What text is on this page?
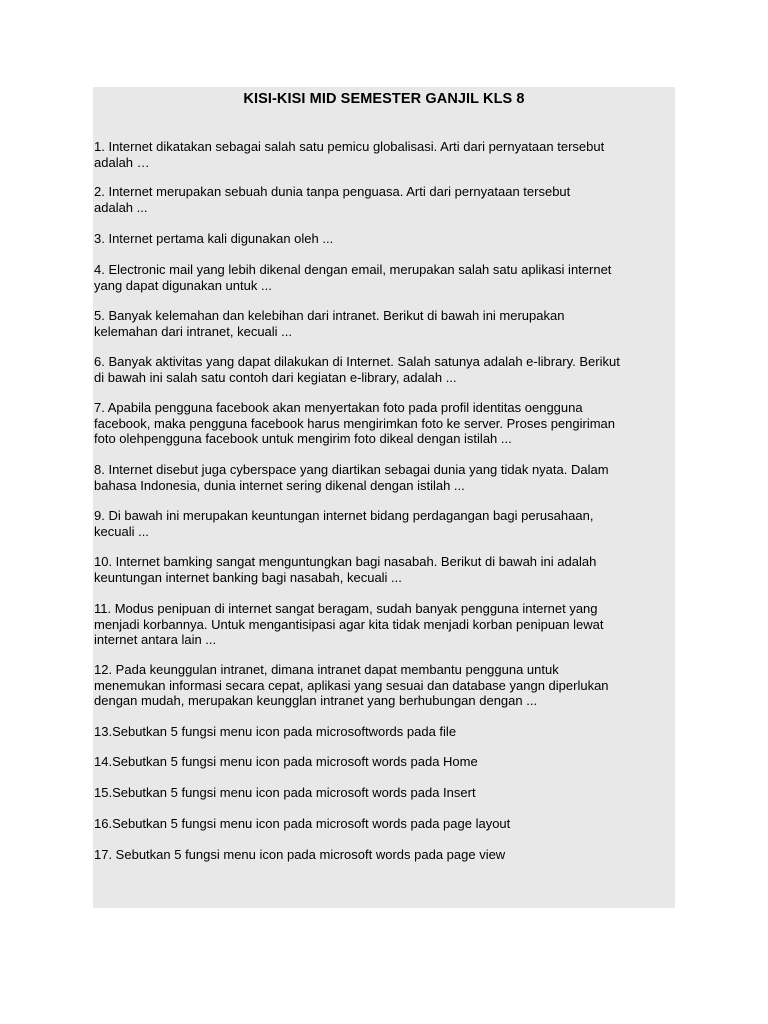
KISI-KISI MID SEMESTER GANJIL KLS 8

1. Internet dikatakan sebagai salah satu pemicu globalisasi. Arti dari pernyataan tersebut
adalah …

2. Internet merupakan sebuah dunia tanpa penguasa. Arti dari pernyataan tersebut
adalah ...

3. Internet pertama kali digunakan oleh ...

4. Electronic mail yang lebih dikenal dengan email, merupakan salah satu aplikasi internet
yang dapat digunakan untuk ...

5. Banyak kelemahan dan kelebihan dari intranet. Berikut di bawah ini merupakan
kelemahan dari intranet, kecuali ...

6. Banyak aktivitas yang dapat dilakukan di Internet. Salah satunya adalah e-library. Berikut
di bawah ini salah satu contoh dari kegiatan e-library, adalah ...

7. Apabila pengguna facebook akan menyertakan foto pada profil identitas oengguna
facebook, maka pengguna facebook harus mengirimkan foto ke server. Proses pengiriman
foto olehpengguna facebook untuk mengirim foto dikeal dengan istilah ...

8. Internet disebut juga cyberspace yang diartikan sebagai dunia yang tidak nyata. Dalam
bahasa Indonesia, dunia internet sering dikenal dengan istilah ...

9. Di bawah ini merupakan keuntungan internet bidang perdagangan bagi perusahaan,
kecuali ...

10. Internet bamking sangat menguntungkan bagi nasabah. Berikut di bawah ini adalah
keuntungan internet banking bagi nasabah, kecuali ...

11. Modus penipuan di internet sangat beragam, sudah banyak pengguna internet yang
menjadi korbannya. Untuk mengantisipasi agar kita tidak menjadi korban penipuan lewat
internet antara lain ...

12. Pada keunggulan intranet, dimana intranet dapat membantu pengguna untuk
menemukan informasi secara cepat, aplikasi yang sesuai dan database yangn diperlukan
dengan mudah, merupakan keungglan intranet yang berhubungan dengan ...

13.Sebutkan 5 fungsi menu icon pada microsoftwords pada file

14.Sebutkan 5 fungsi menu icon pada microsoft words pada Home

15.Sebutkan 5 fungsi menu icon pada microsoft words pada Insert

16.Sebutkan 5 fungsi menu icon pada microsoft words pada page layout

17. Sebutkan 5 fungsi menu icon pada microsoft words pada page view
